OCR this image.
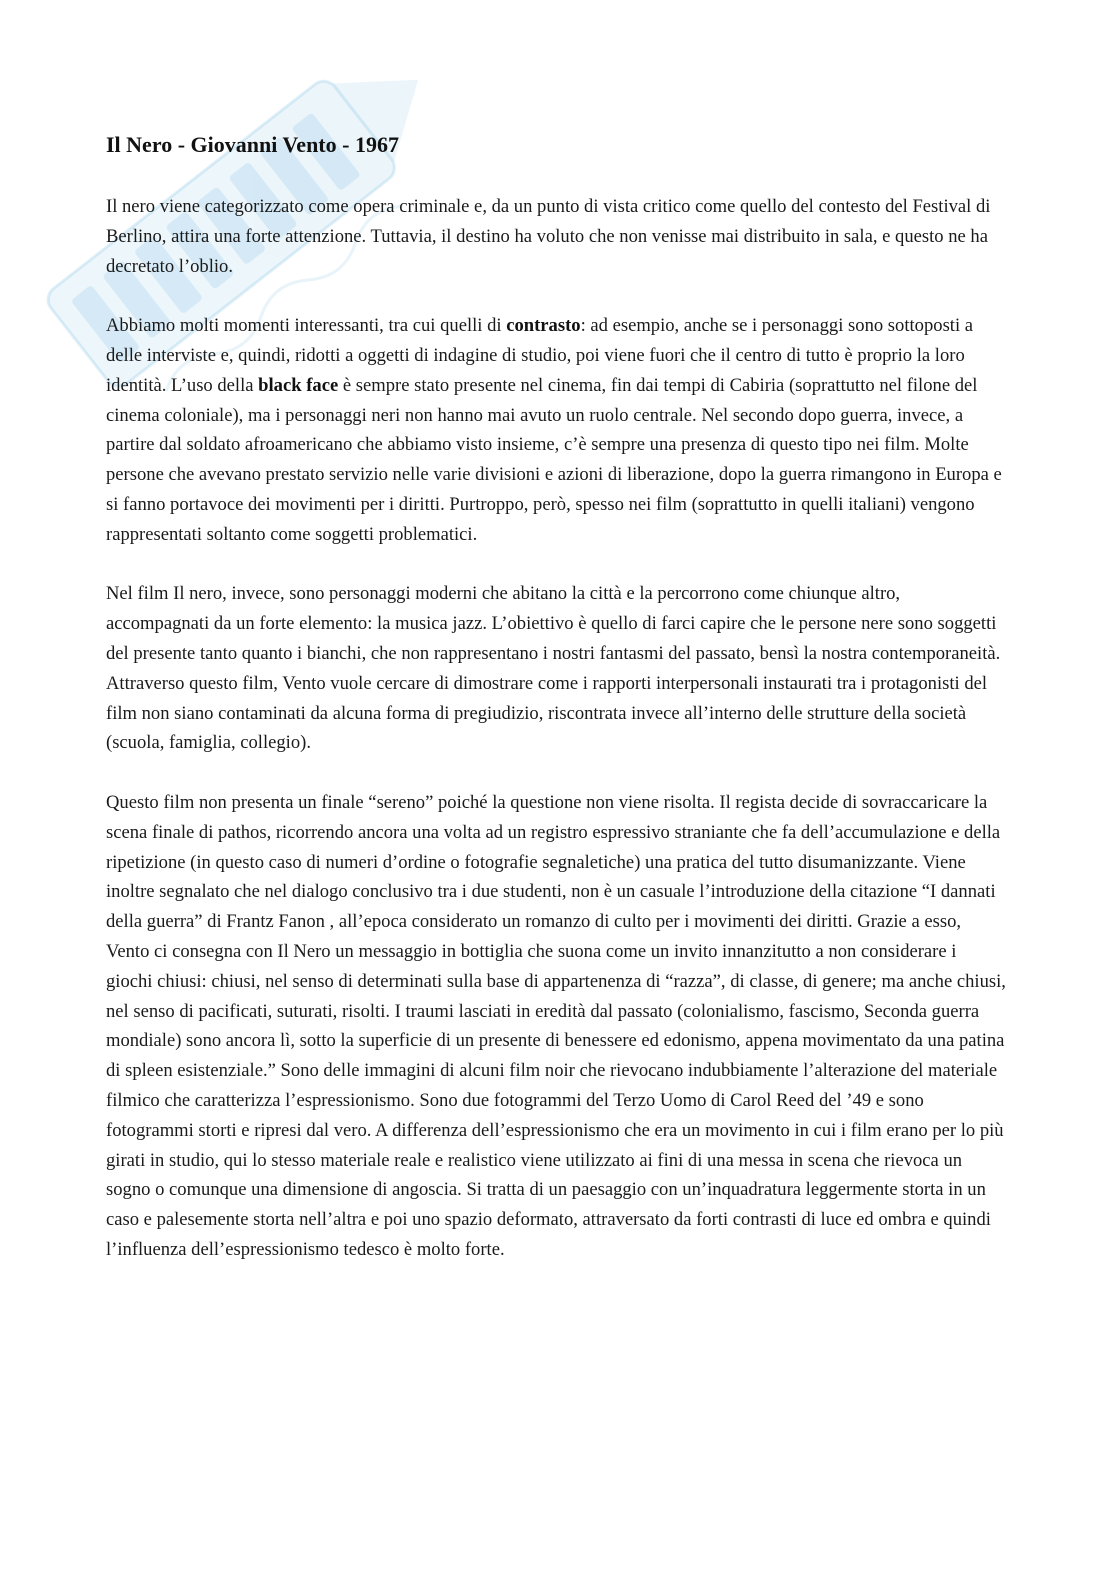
Il Nero - Giovanni Vento - 1967

Il nero viene categorizzato come opera criminale e, da un punto di vista critico come quello del contesto del Festival di Berlino, attira una forte attenzione. Tuttavia, il destino ha voluto che non venisse mai distribuito in sala, e questo ne ha decretato l’oblio.

Abbiamo molti momenti interessanti, tra cui quelli di contrasto: ad esempio, anche se i personaggi sono sottoposti a delle interviste e, quindi, ridotti a oggetti di indagine di studio, poi viene fuori che il centro di tutto è proprio la loro identità. L’uso della black face è sempre stato presente nel cinema, fin dai tempi di Cabiria (soprattutto nel filone del cinema coloniale), ma i personaggi neri non hanno mai avuto un ruolo centrale. Nel secondo dopo guerra, invece, a partire dal soldato afroamericano che abbiamo visto insieme, c’è sempre una presenza di questo tipo nei film. Molte persone che avevano prestato servizio nelle varie divisioni e azioni di liberazione, dopo la guerra rimangono in Europa e si fanno portavoce dei movimenti per i diritti. Purtroppo, però, spesso nei film (soprattutto in quelli italiani) vengono rappresentati soltanto come soggetti problematici.

Nel film Il nero, invece, sono personaggi moderni che abitano la città e la percorrono come chiunque altro, accompagnati da un forte elemento: la musica jazz. L’obiettivo è quello di farci capire che le persone nere sono soggetti del presente tanto quanto i bianchi, che non rappresentano i nostri fantasmi del passato, bensì la nostra contemporaneità.

Attraverso questo film, Vento vuole cercare di dimostrare come i rapporti interpersonali instaurati tra i protagonisti del film non siano contaminati da alcuna forma di pregiudizio, riscontrata invece all’interno delle strutture della società (scuola, famiglia, collegio).

Questo film non presenta un finale “sereno” poiché la questione non viene risolta. Il regista decide di sovraccaricare la scena finale di pathos, ricorrendo ancora una volta ad un registro espressivo straniante che fa dell’accumulazione e della ripetizione (in questo caso di numeri d’ordine o fotografie segnaletiche) una pratica del tutto disumanizzante. Viene inoltre segnalato che nel dialogo conclusivo tra i due studenti, non è un casuale l’introduzione della citazione “I dannati della guerra” di Frantz Fanon , all’epoca considerato un romanzo di culto per i movimenti dei diritti. Grazie a esso, Vento ci consegna con Il Nero un messaggio in bottiglia che suona come un invito innanzitutto a non considerare i giochi chiusi: chiusi, nel senso di determinati sulla base di appartenenza di “razza”, di classe, di genere; ma anche chiusi, nel senso di pacificati, suturati, risolti. I traumi lasciati in eredità dal passato (colonialismo, fascismo, Seconda guerra mondiale) sono ancora lì, sotto la superficie di un presente di benessere ed edonismo, appena movimentato da una patina di spleen esistenziale.” Sono delle immagini di alcuni film noir che rievocano indubbiamente l’alterazione del materiale filmico che caratterizza l’espressionismo. Sono due fotogrammi del Terzo Uomo di Carol Reed del ’49 e sono fotogrammi storti e ripresi dal vero. A differenza dell’espressionismo che era un movimento in cui i film erano per lo più girati in studio, qui lo stesso materiale reale e realistico viene utilizzato ai fini di una messa in scena che rievoca un sogno o comunque una dimensione di angoscia. Si tratta di un paesaggio con un’inquadratura leggermente storta in un caso e palesemente storta nell’altra e poi uno spazio deformato, attraversato da forti contrasti di luce ed ombra e quindi l’influenza dell’espressionismo tedesco è molto forte.
